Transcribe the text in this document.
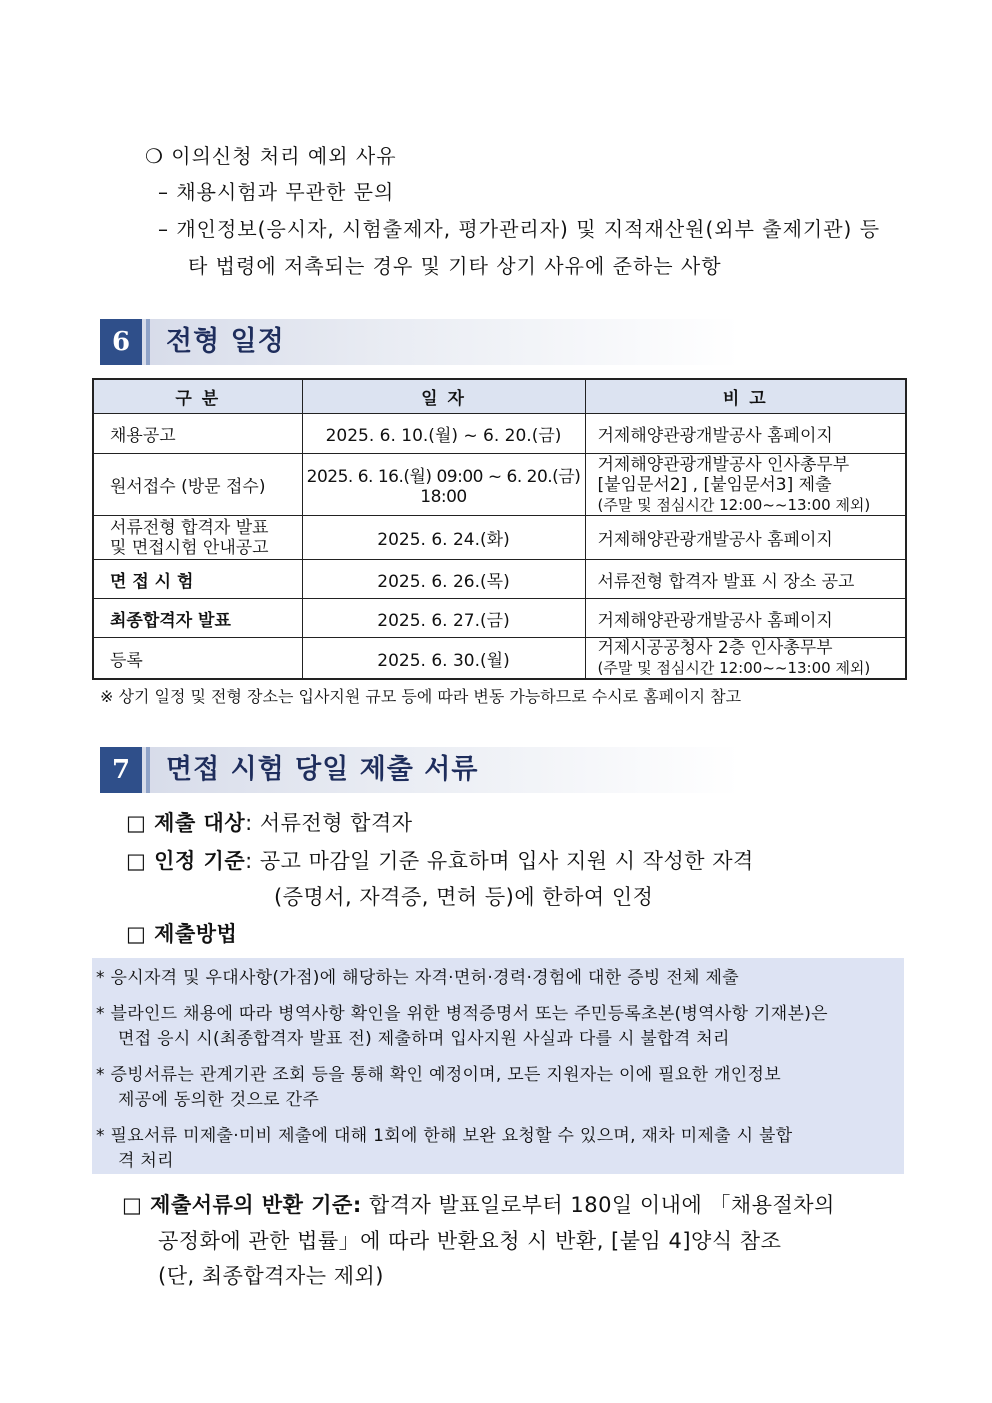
❍ 이의신청 처리 예외 사유
– 채용시험과 무관한 문의
– 개인정보(응시자, 시험출제자, 평가관리자) 및 지적재산원(외부 출제기관) 등
타 법령에 저촉되는 경우 및 기타 상기 사유에 준하는 사항
6	전형 일정
구 분	일 자	비 고
채용공고	2025. 6. 10.(월) ~ 6. 20.(금)	거제해양관광개발공사 홈페이지
원서접수 (방문 접수)	2025. 6. 16.(월) 09:00 ~ 6. 20.(금) 18:00	거제해양관광개발공사 인사총무부
[붙임문서2] , [붙임문서3] 제출
(주말 및 점심시간 12:00~~13:00 제외)

서류전형 합격자 발표
및 면접시험 안내공고	2025. 6. 24.(화)	거제해양관광개발공사 홈페이지
면 접 시 험	2025. 6. 26.(목)	서류전형 합격자 발표 시 장소 공고
최종합격자 발표	2025. 6. 27.(금)	거제해양관광개발공사 홈페이지
등록	2025. 6. 30.(월)	거제시공공청사 2층 인사총무부
(주말 및 점심시간 12:00~~13:00 제외)
※ 상기 일정 및 전형 장소는 입사지원 규모 등에 따라 변동 가능하므로 수시로 홈페이지 참고
7	면접 시험 당일 제출 서류
□ 제출 대상: 서류전형 합격자
□ 인정 기준: 공고 마감일 기준 유효하며 입사 지원 시 작성한 자격
(증명서, 자격증, 면허 등)에 한하여 인정
□ 제출방법
* 응시자격 및 우대사항(가점)에 해당하는 자격·면허·경력·경험에 대한 증빙 전체 제출
* 블라인드 채용에 따라 병역사항 확인을 위한 병적증명서 또는 주민등록초본(병역사항 기재본)은
면접 응시 시(최종합격자 발표 전) 제출하며 입사지원 사실과 다를 시 불합격 처리
* 증빙서류는 관계기관 조회 등을 통해 확인 예정이며, 모든 지원자는 이에 필요한 개인정보
제공에 동의한 것으로 간주
* 필요서류 미제출·미비 제출에 대해 1회에 한해 보완 요청할 수 있으며, 재차 미제출 시 불합
격 처리
□ 제출서류의 반환 기준: 합격자 발표일로부터 180일 이내에 「채용절차의
공정화에 관한 법률」에 따라 반환요청 시 반환, [붙임 4]양식 참조
(단, 최종합격자는 제외)
